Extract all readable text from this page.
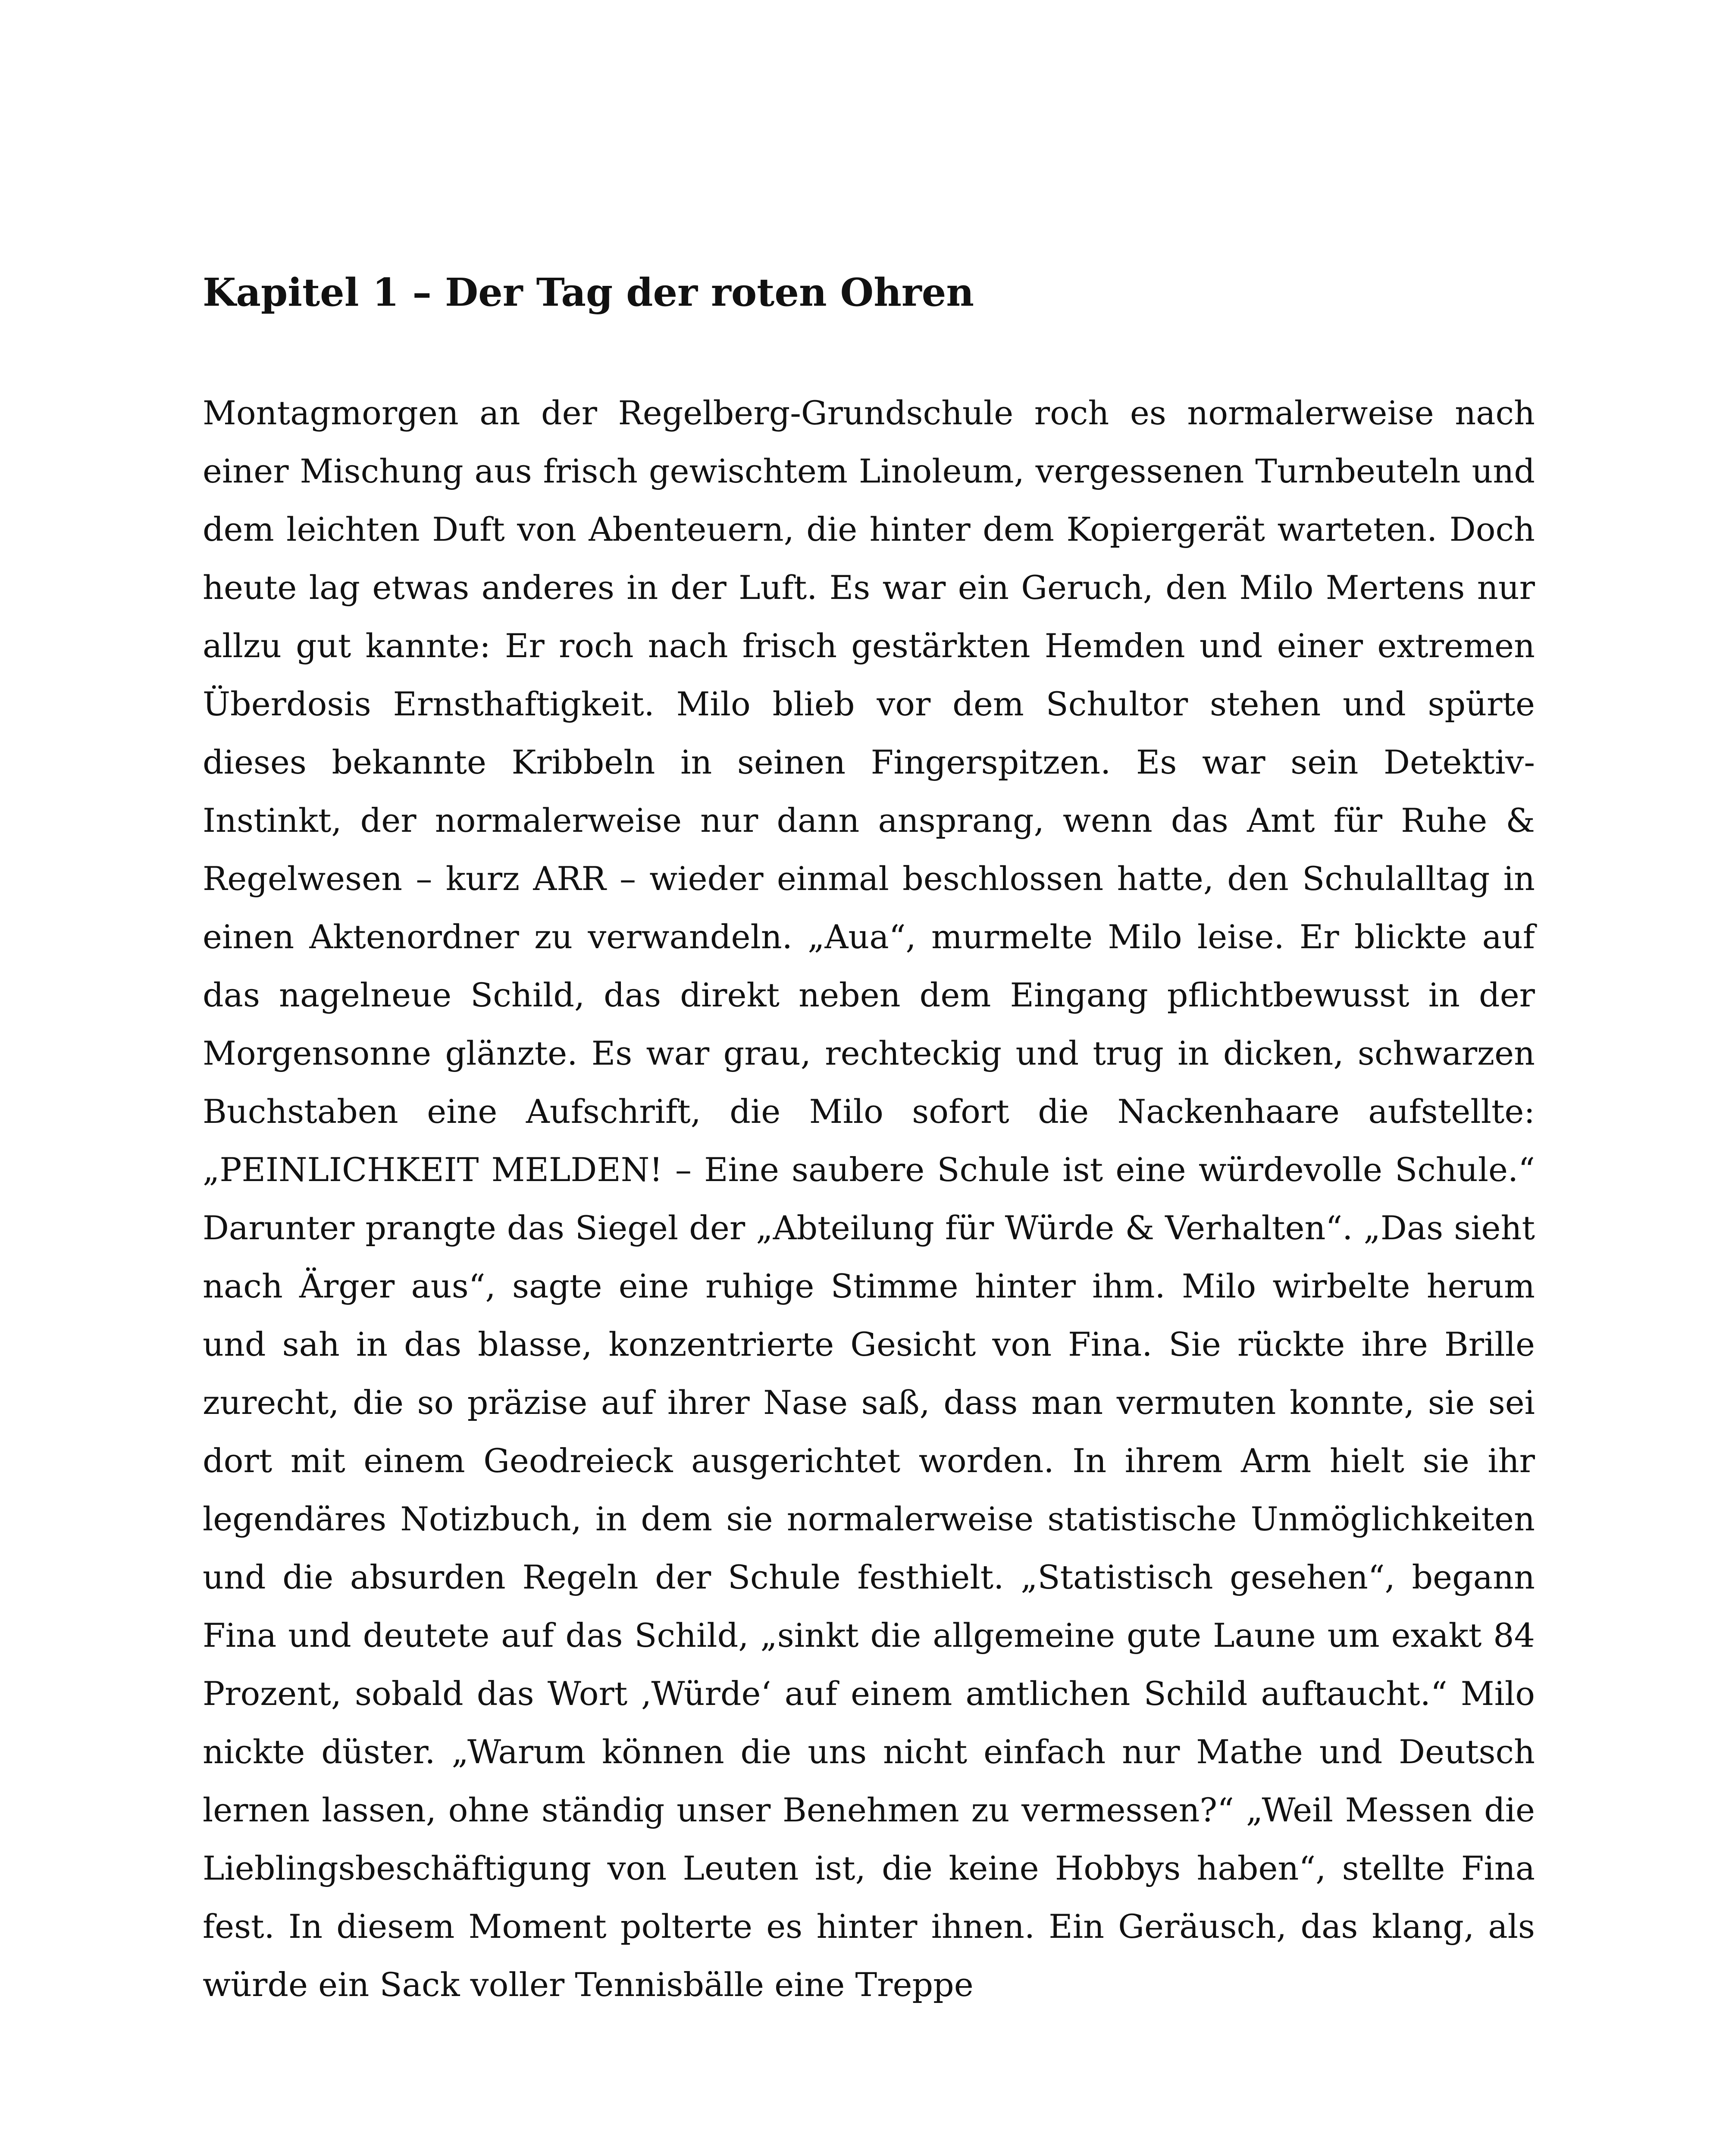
Kapitel 1 – Der Tag der roten Ohren

Montagmorgen an der Regelberg-Grundschule roch es normalerweise nach einer Mischung aus frisch gewischtem Linoleum, vergessenen Turnbeuteln und dem leichten Duft von Abenteuern, die hinter dem Kopiergerät warteten. Doch heute lag etwas anderes in der Luft. Es war ein Geruch, den Milo Mertens nur allzu gut kannte: Er roch nach frisch gestärkten Hemden und einer extremen Überdosis Ernsthaftigkeit. Milo blieb vor dem Schultor stehen und spürte dieses bekannte Kribbeln in seinen Fingerspitzen. Es war sein Detektiv-Instinkt, der normalerweise nur dann ansprang, wenn das Amt für Ruhe & Regelwesen – kurz ARR – wieder einmal beschlossen hatte, den Schulalltag in einen Aktenordner zu verwandeln. „Aua“, murmelte Milo leise. Er blickte auf das nagelneue Schild, das direkt neben dem Eingang pflichtbewusst in der Morgensonne glänzte. Es war grau, rechteckig und trug in dicken, schwarzen Buchstaben eine Aufschrift, die Milo sofort die Nackenhaare aufstellte: „PEINLICHKEIT MELDEN! – Eine saubere Schule ist eine würdevolle Schule.“ Darunter prangte das Siegel der „Abteilung für Würde & Verhalten“. „Das sieht nach Ärger aus“, sagte eine ruhige Stimme hinter ihm. Milo wirbelte herum und sah in das blasse, konzentrierte Gesicht von Fina. Sie rückte ihre Brille zurecht, die so präzise auf ihrer Nase saß, dass man vermuten konnte, sie sei dort mit einem Geodreieck ausgerichtet worden. In ihrem Arm hielt sie ihr legendäres Notizbuch, in dem sie normalerweise statistische Unmöglichkeiten und die absurden Regeln der Schule festhielt. „Statistisch gesehen“, begann Fina und deutete auf das Schild, „sinkt die allgemeine gute Laune um exakt 84 Prozent, sobald das Wort ‚Würde‘ auf einem amtlichen Schild auftaucht.“ Milo nickte düster. „Warum können die uns nicht einfach nur Mathe und Deutsch lernen lassen, ohne ständig unser Benehmen zu vermessen?“ „Weil Messen die Lieblingsbeschäftigung von Leuten ist, die keine Hobbys haben“, stellte Fina fest. In diesem Moment polterte es hinter ihnen. Ein Geräusch, das klang, als würde ein Sack voller Tennisbälle eine Treppe
